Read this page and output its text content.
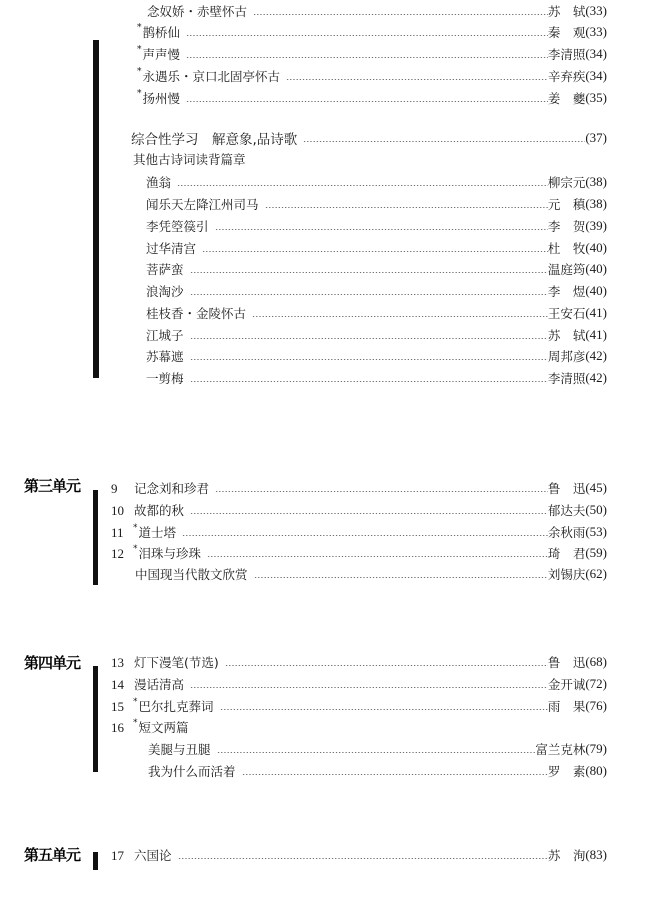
念奴娇・赤壁怀古	苏　轼 (33)
*鹊桥仙	秦　观 (33)
*声声慢	李清照 (34)
*永遇乐・京口北固亭怀古	辛弃疾 (34)
*扬州慢	姜　夔 (35)
综合性学习　解意象,品诗歌	(37)
其他古诗词读背篇章
渔翁	柳宗元 (38)
闻乐天左降江州司马	元　稹 (38)
李凭箜篌引	李　贺 (39)
过华清宫	杜　牧 (40)
菩萨蛮	温庭筠 (40)
浪淘沙	李　煜 (40)
桂枝香・金陵怀古	王安石 (41)
江城子	苏　轼 (41)
苏幕遮	周邦彦 (42)
一剪梅	李清照 (42)
第三单元 9 记念刘和珍君	鲁　迅 (45)
10 故都的秋	郁达夫 (50)
11 *道士塔	余秋雨 (53)
12 *泪珠与珍珠	琦　君 (59)
中国现当代散文欣赏	刘锡庆 (62)
第四单元 13 灯下漫笔(节选)	鲁　迅 (68)
14 漫话清高	金开诚 (72)
15 *巴尔扎克葬词	雨　果 (76)
16 *短文两篇
美腿与丑腿	富兰克林 (79)
我为什么而活着	罗　素 (80)
第五单元 17 六国论	苏　洵 (83)
